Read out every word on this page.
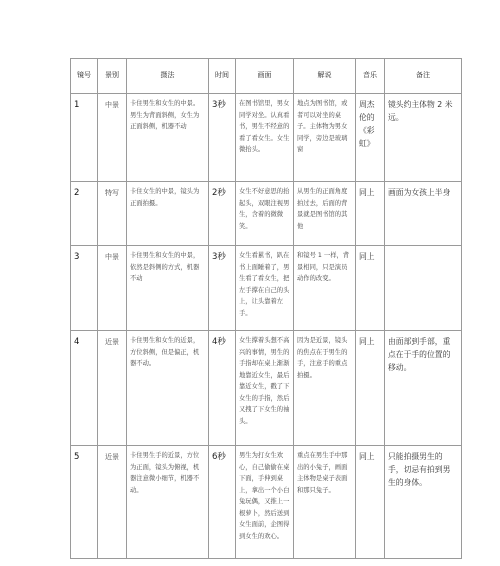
镜号	景别	摄法	时间	画面	解说	音乐	备注
1	中景	卡住男生和女生的中景。男生为背面斜侧，女生为正面斜侧，机器不动	3秒	在图书馆里，男女同学对坐。认真看书，男生不经意的看了看女生。女生微抬头。	地点为图书馆，或者可以对坐的桌子。主体物为男女同学，旁边是玻璃窗	周杰伦的《彩虹》	镜头约主体物 2 米远。
2	特写	卡住女生的中景，镜头为正面拍摄。	2秒	女生不好意思的抬起头，双眼注视男生，含着的微微笑。	从男生的正面角度拍过去，后面的背景就是图书馆的其他	同上	画面为女孩上半身
3	中景	卡住男生和女生的中景，依然是斜侧的方式，机器不动	3秒	女生看累书，趴在书上面睡着了，男生看了看女生，把左手撑在自己的头上，让头靠着左手。	和镜号 1 一样，背景相同，只是演员动作的改变。	同上	
4	近景	卡住男生和女生的近景，方位斜侧，但是偏正，机器不动。	4秒	女生撑着头想不高兴的事情，男生的手指却在桌上渐渐地靠近女生，最后靠近女生，戳了下女生的手指，然后又拽了下女生的袖头。	因为是近景，镜头的焦点在于男生的手，注意手的重点拍摄。	同上	由面部到手部，重点在于手的位置的移动。
5	近景	卡住男生手的近景，方位为正面，镜头为俯视，机器注意微小细节，机器不动。	6秒	男生为打女生欢心，自己偷偷在桌下面，手伸到桌上，拿出一个小白兔玩偶，又推上一根萝卜，然后送到女生面前，企图得到女生的欢心。	重点在男生手中那出的小兔子，画面主体物是桌子表面和那只兔子。	同上	只能拍摄男生的手，切忌有拍到男生的身体。
